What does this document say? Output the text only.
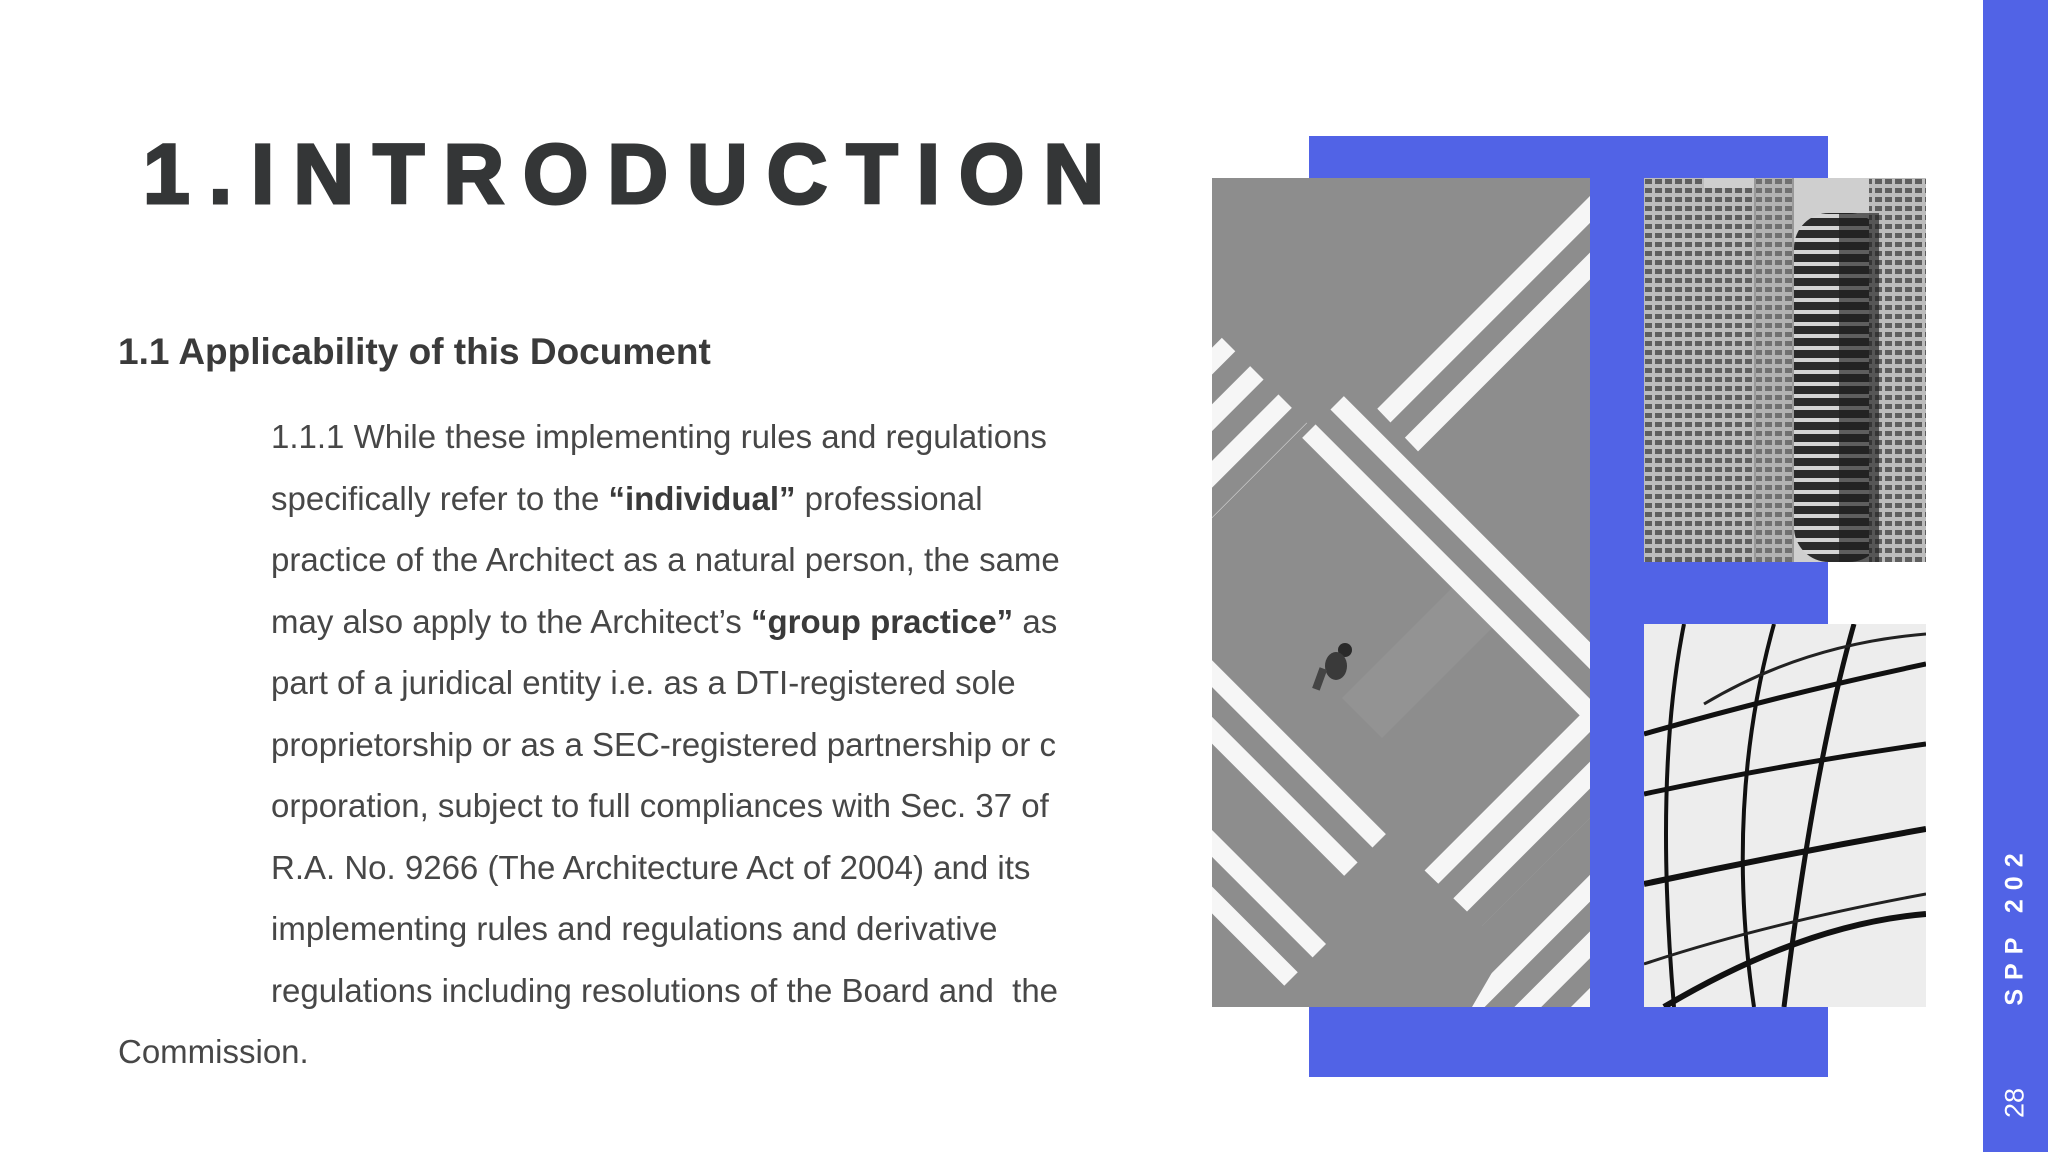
1.INTRODUCTION
1.1 Applicability of this Document
1.1.1 While these implementing rules and regulations
specifically refer to the “individual” professional
practice of the Architect as a natural person, the same
may also apply to the Architect’s “group practice” as
part of a juridical entity i.e. as a DTI-registered sole
proprietorship or as a SEC-registered partnership or c
orporation, subject to full compliances with Sec. 37 of
R.A. No. 9266 (The Architecture Act of 2004) and its
implementing rules and regulations and derivative
regulations including resolutions of the Board and  the
Commission.
SPP 202
28
